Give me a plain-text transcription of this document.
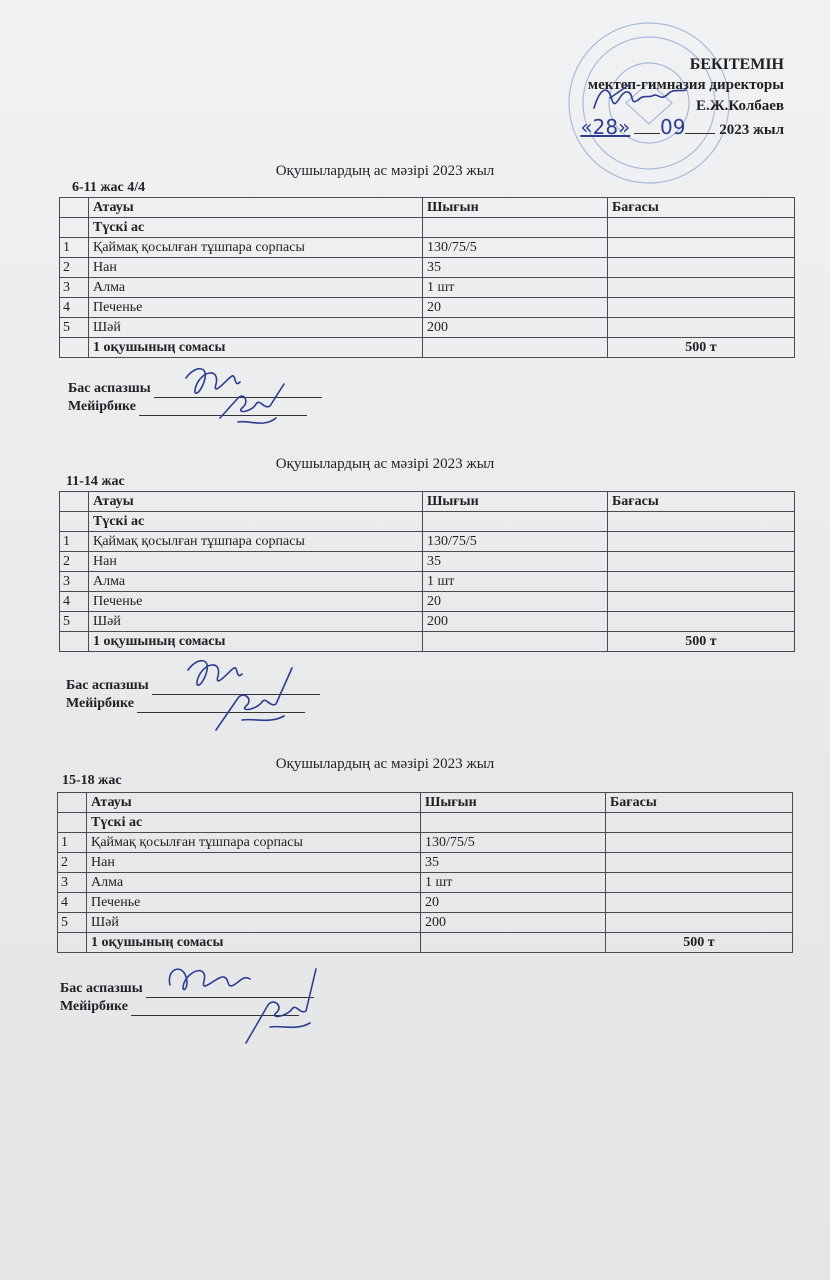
БЕКІТЕМІН
мектеп-гимназия директоры
Е.Ж.Колбаев
«28» 09 2023 жыл
Оқушылардың ас мәзірі 2023 жыл
6-11 жас 4/4
	Атауы	Шығын	Бағасы
	Түскі ас		
1	Қаймақ қосылған тұшпара сорпасы	130/75/5	
2	Нан	35	
3	Алма	1 шт	
4	Печенье	20	
5	Шәй	200	
	1 оқушының сомасы		500 т
Бас аспазшы
Мейірбике
Оқушылардың ас мәзірі 2023 жыл
11-14 жас
	Атауы	Шығын	Бағасы
	Түскі ас		
1	Қаймақ қосылған тұшпара сорпасы	130/75/5	
2	Нан	35	
3	Алма	1 шт	
4	Печенье	20	
5	Шәй	200	
	1 оқушының сомасы		500 т
Бас аспазшы
Мейірбике
Оқушылардың ас мәзірі 2023 жыл
15-18 жас
	Атауы	Шығын	Бағасы
	Түскі ас		
1	Қаймақ қосылған тұшпара сорпасы	130/75/5	
2	Нан	35	
3	Алма	1 шт	
4	Печенье	20	
5	Шәй	200	
	1 оқушының сомасы		500 т
Бас аспазшы
Мейірбике
